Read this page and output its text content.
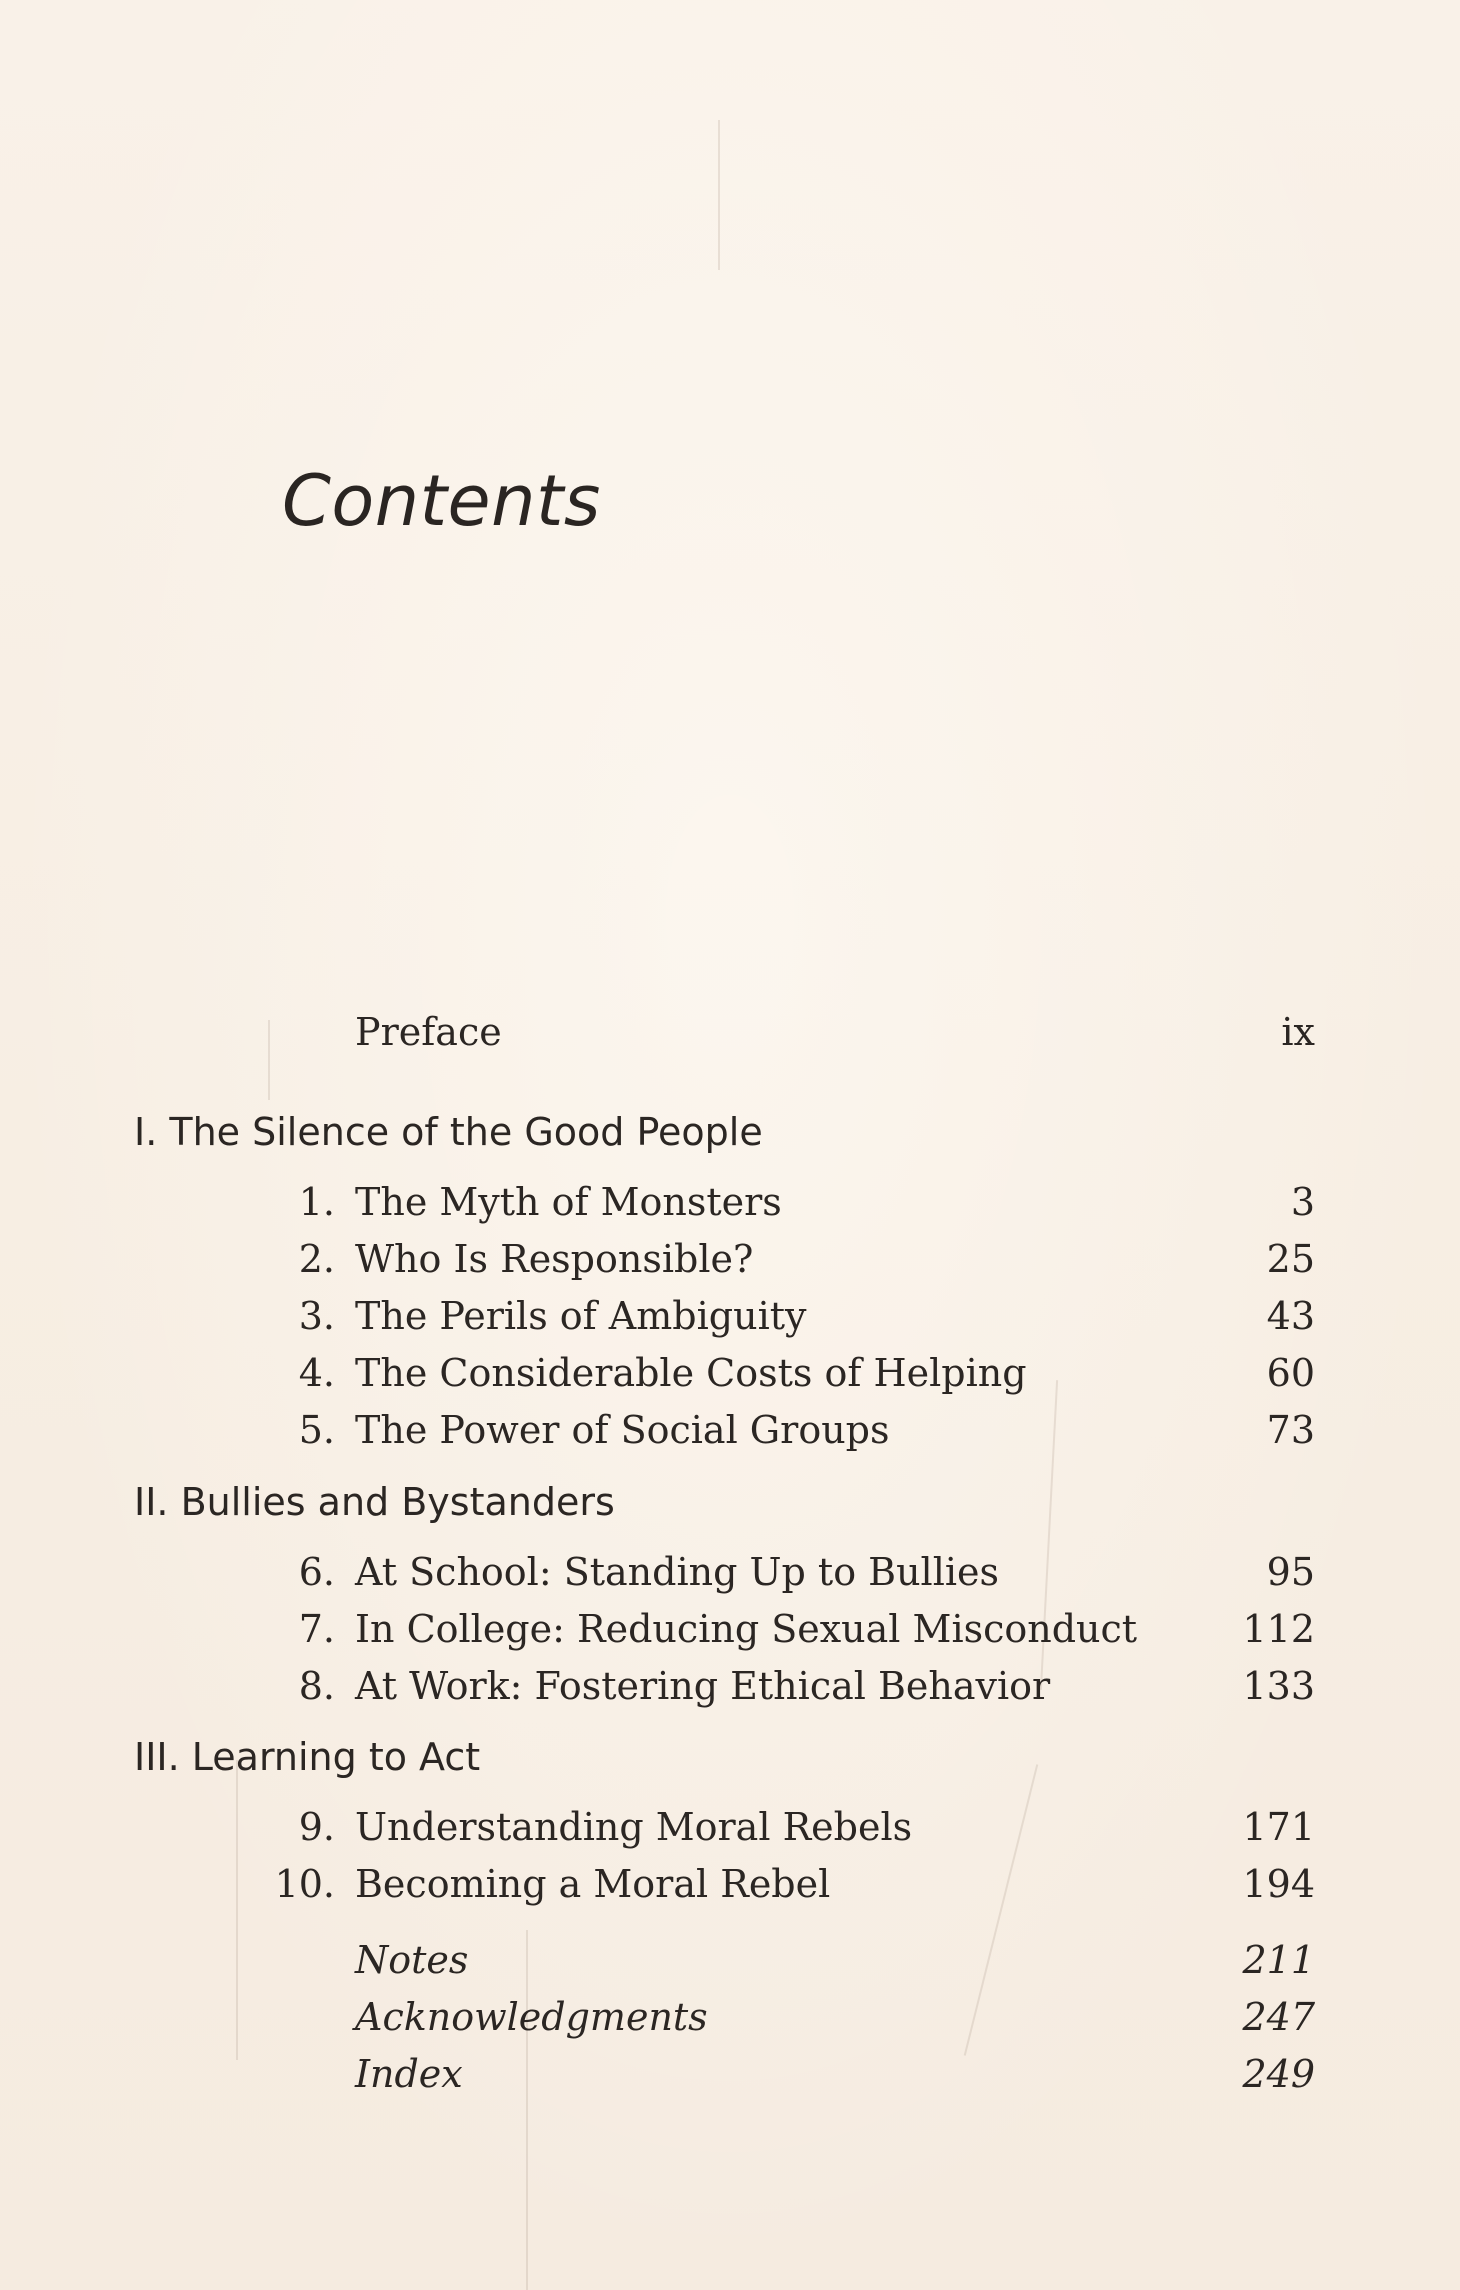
Contents
Preface	ix
I. The Silence of the Good People
1. The Myth of Monsters	3
2. Who Is Responsible?	25
3. The Perils of Ambiguity	43
4. The Considerable Costs of Helping	60
5. The Power of Social Groups	73
II. Bullies and Bystanders
6. At School: Standing Up to Bullies	95
7. In College: Reducing Sexual Misconduct	112
8. At Work: Fostering Ethical Behavior	133
III. Learning to Act
9. Understanding Moral Rebels	171
10. Becoming a Moral Rebel	194
Notes	211
Acknowledgments	247
Index	249
